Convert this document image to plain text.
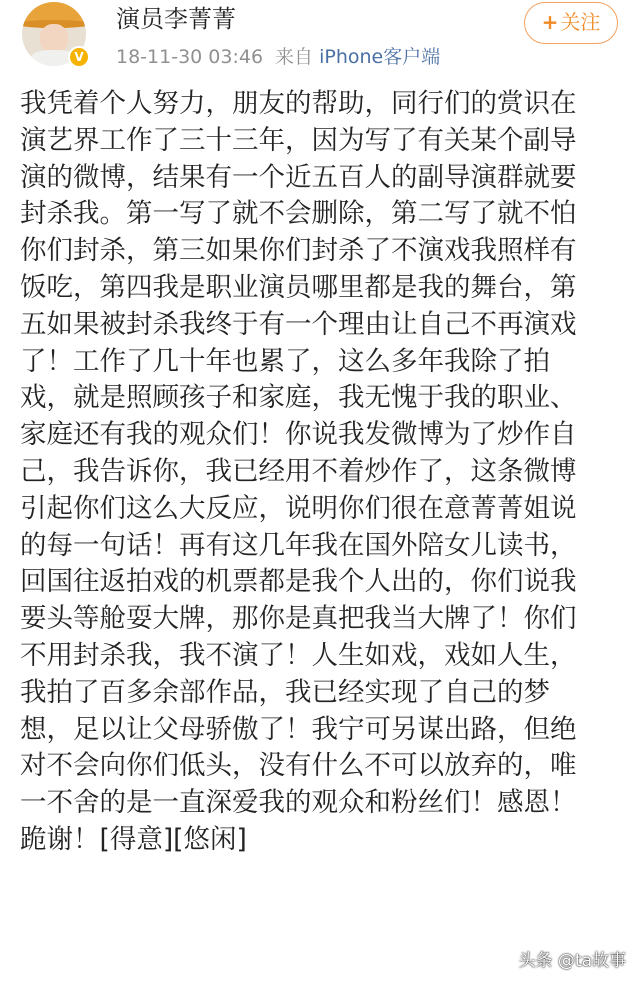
V
演员李菁菁
18-11-30 03:46 来自 iPhone客户端
+ 关注
我凭着个人努力，朋友的帮助，同行们的赏识在
演艺界工作了三十三年，因为写了有关某个副导
演的微博，结果有一个近五百人的副导演群就要
封杀我。第一写了就不会删除，第二写了就不怕
你们封杀，第三如果你们封杀了不演戏我照样有
饭吃，第四我是职业演员哪里都是我的舞台，第
五如果被封杀我终于有一个理由让自己不再演戏
了！工作了几十年也累了，这么多年我除了拍
戏，就是照顾孩子和家庭，我无愧于我的职业、
家庭还有我的观众们！你说我发微博为了炒作自
己，我告诉你，我已经用不着炒作了，这条微博
引起你们这么大反应，说明你们很在意菁菁姐说
的每一句话！再有这几年我在国外陪女儿读书，
回国往返拍戏的机票都是我个人出的，你们说我
要头等舱耍大牌，那你是真把我当大牌了！你们
不用封杀我，我不演了！人生如戏，戏如人生，
我拍了百多余部作品，我已经实现了自己的梦
想，足以让父母骄傲了！我宁可另谋出路，但绝
对不会向你们低头，没有什么不可以放弃的，唯
一不舍的是一直深爱我的观众和粉丝们！感恩！
跪谢！[得意][悠闲]
头条 @ta故事
